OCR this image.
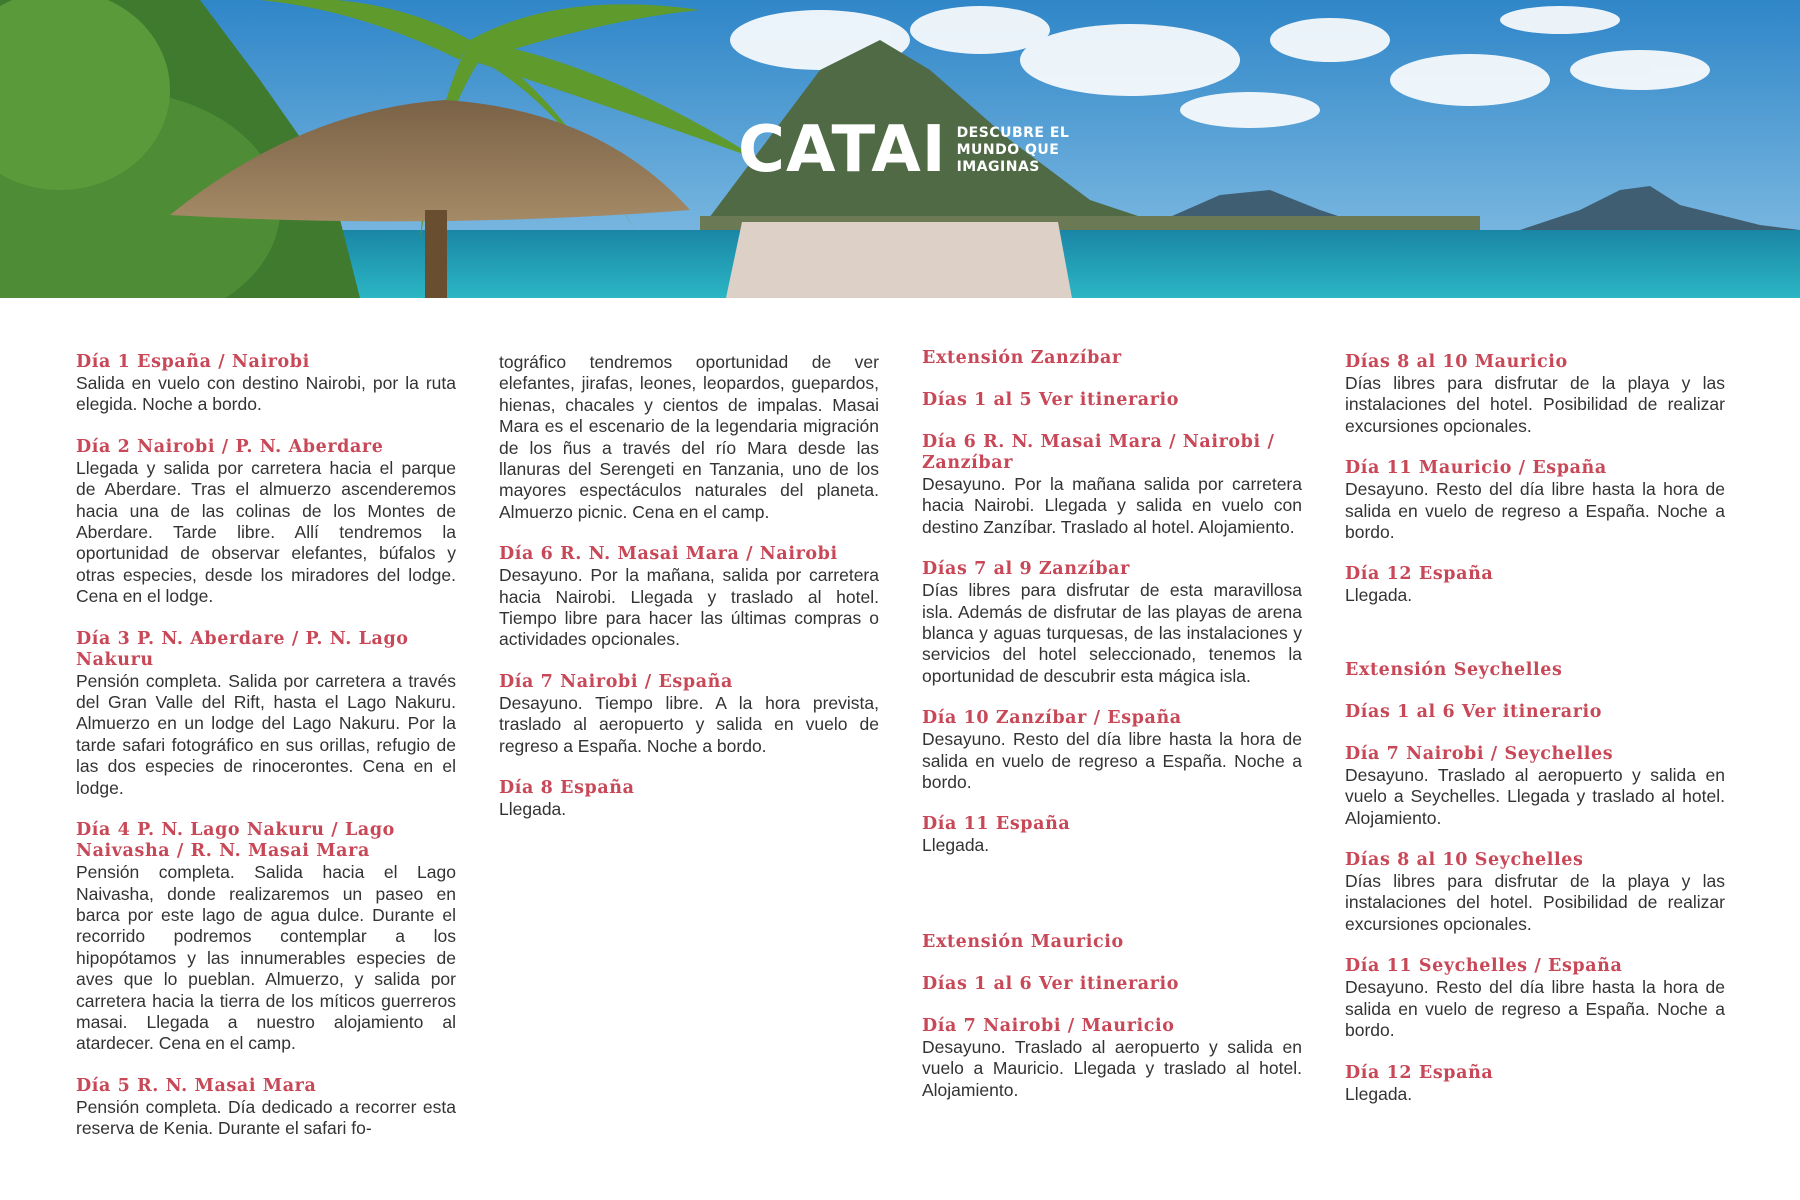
CATAI DESCUBRE EL
MUNDO QUE
IMAGINAS
Día 1 España / Nairobi
Salida en vuelo con destino Nairobi, por la ruta elegida. Noche a bordo.
Día 2 Nairobi / P. N. Aberdare
Llegada y salida por carretera hacia el parque de Aberdare. Tras el almuerzo ascenderemos hacia una de las colinas de los Montes de Aberdare. Tarde libre. Allí tendremos la oportunidad de observar elefantes, búfalos y otras especies, desde los miradores del lodge. Cena en el lodge.
Día 3 P. N. Aberdare / P. N. Lago Nakuru
Pensión completa. Salida por carretera a través del Gran Valle del Rift, hasta el Lago Nakuru. Almuerzo en un lodge del Lago Nakuru. Por la tarde safari fotográfico en sus orillas, refugio de las dos especies de rinocerontes. Cena en el lodge.
Día 4 P. N. Lago Nakuru / Lago Naivasha / R. N. Masai Mara
Pensión completa. Salida hacia el Lago Naivasha, donde realizaremos un paseo en barca por este lago de agua dulce. Durante el recorrido podremos contemplar a los hipopótamos y las innumerables especies de aves que lo pueblan. Almuerzo, y salida por carretera hacia la tierra de los míticos guerreros masai. Llegada a nuestro alojamiento al atardecer. Cena en el camp.
Día 5 R. N. Masai Mara
Pensión completa. Día dedicado a recorrer esta reserva de Kenia. Durante el safari fo-
tográfico tendremos oportunidad de ver elefantes, jirafas, leones, leopardos, guepardos, hienas, chacales y cientos de impalas. Masai Mara es el escenario de la legendaria migración de los ñus a través del río Mara desde las llanuras del Serengeti en Tanzania, uno de los mayores espectáculos naturales del planeta. Almuerzo picnic. Cena en el camp.
Día 6 R. N. Masai Mara / Nairobi
Desayuno. Por la mañana, salida por carretera hacia Nairobi. Llegada y traslado al hotel. Tiempo libre para hacer las últimas compras o actividades opcionales.
Día 7 Nairobi / España
Desayuno. Tiempo libre. A la hora prevista, traslado al aeropuerto y salida en vuelo de regreso a España. Noche a bordo.
Día 8 España
Llegada.
Extensión Zanzíbar
Días 1 al 5 Ver itinerario
Día 6 R. N. Masai Mara / Nairobi / Zanzíbar
Desayuno. Por la mañana salida por carretera hacia Nairobi. Llegada y salida en vuelo con destino Zanzíbar. Traslado al hotel. Alojamiento.
Días 7 al 9 Zanzíbar
Días libres para disfrutar de esta maravillosa isla. Además de disfrutar de las playas de arena blanca y aguas turquesas, de las instalaciones y servicios del hotel seleccionado, tenemos la oportunidad de descubrir esta mágica isla.
Día 10 Zanzíbar / España
Desayuno. Resto del día libre hasta la hora de salida en vuelo de regreso a España. Noche a bordo.
Día 11 España
Llegada.
Extensión Mauricio
Días 1 al 6 Ver itinerario
Día 7 Nairobi / Mauricio
Desayuno. Traslado al aeropuerto y salida en vuelo a Mauricio. Llegada y traslado al hotel. Alojamiento.
Días 8 al 10 Mauricio
Días libres para disfrutar de la playa y las instalaciones del hotel. Posibilidad de realizar excursiones opcionales.
Día 11 Mauricio / España
Desayuno. Resto del día libre hasta la hora de salida en vuelo de regreso a España. Noche a bordo.
Día 12 España
Llegada.
Extensión Seychelles
Días 1 al 6 Ver itinerario
Día 7 Nairobi / Seychelles
Desayuno. Traslado al aeropuerto y salida en vuelo a Seychelles. Llegada y traslado al hotel. Alojamiento.
Días 8 al 10 Seychelles
Días libres para disfrutar de la playa y las instalaciones del hotel. Posibilidad de realizar excursiones opcionales.
Día 11 Seychelles / España
Desayuno. Resto del día libre hasta la hora de salida en vuelo de regreso a España. Noche a bordo.
Día 12 España
Llegada.
